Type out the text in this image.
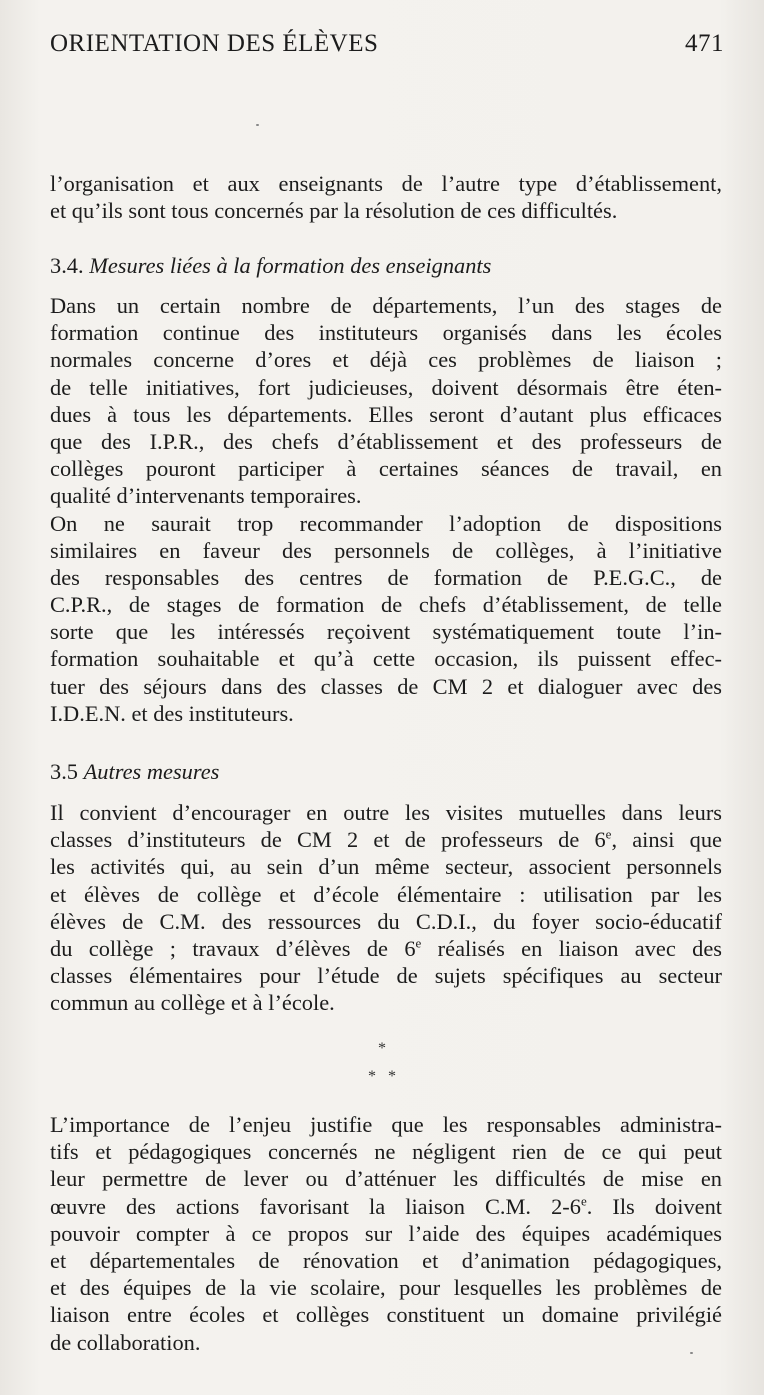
ORIENTATION DES ÉLÈVES	471
l’organisation et aux enseignants de l’autre type d’établissement,
et qu’ils sont tous concernés par la résolution de ces difficultés.
3.4. Mesures liées à la formation des enseignants
Dans un certain nombre de départements, l’un des stages de
formation continue des instituteurs organisés dans les écoles
normales concerne d’ores et déjà ces problèmes de liaison ;
de telle initiatives, fort judicieuses, doivent désormais être éten-
dues à tous les départements. Elles seront d’autant plus efficaces
que des I.P.R., des chefs d’établissement et des professeurs de
collèges pouront participer à certaines séances de travail, en
qualité d’intervenants temporaires.
On ne saurait trop recommander l’adoption de dispositions
similaires en faveur des personnels de collèges, à l’initiative
des responsables des centres de formation de P.E.G.C., de
C.P.R., de stages de formation de chefs d’établissement, de telle
sorte que les intéressés reçoivent systématiquement toute l’in-
formation souhaitable et qu’à cette occasion, ils puissent effec-
tuer des séjours dans des classes de CM 2 et dialoguer avec des
I.D.E.N. et des instituteurs.
3.5 Autres mesures
Il convient d’encourager en outre les visites mutuelles dans leurs
classes d’instituteurs de CM 2 et de professeurs de 6e, ainsi que
les activités qui, au sein d’un même secteur, associent personnels
et élèves de collège et d’école élémentaire : utilisation par les
élèves de C.M. des ressources du C.D.I., du foyer socio-éducatif
du collège ; travaux d’élèves de 6e réalisés en liaison avec des
classes élémentaires pour l’étude de sujets spécifiques au secteur
commun au collège et à l’école.
*
*   *
L’importance de l’enjeu justifie que les responsables administra-
tifs et pédagogiques concernés ne négligent rien de ce qui peut
leur permettre de lever ou d’atténuer les difficultés de mise en
œuvre des actions favorisant la liaison C.M. 2-6e. Ils doivent
pouvoir compter à ce propos sur l’aide des équipes académiques
et départementales de rénovation et d’animation pédagogiques,
et des équipes de la vie scolaire, pour lesquelles les problèmes de
liaison entre écoles et collèges constituent un domaine privilégié
de collaboration.
